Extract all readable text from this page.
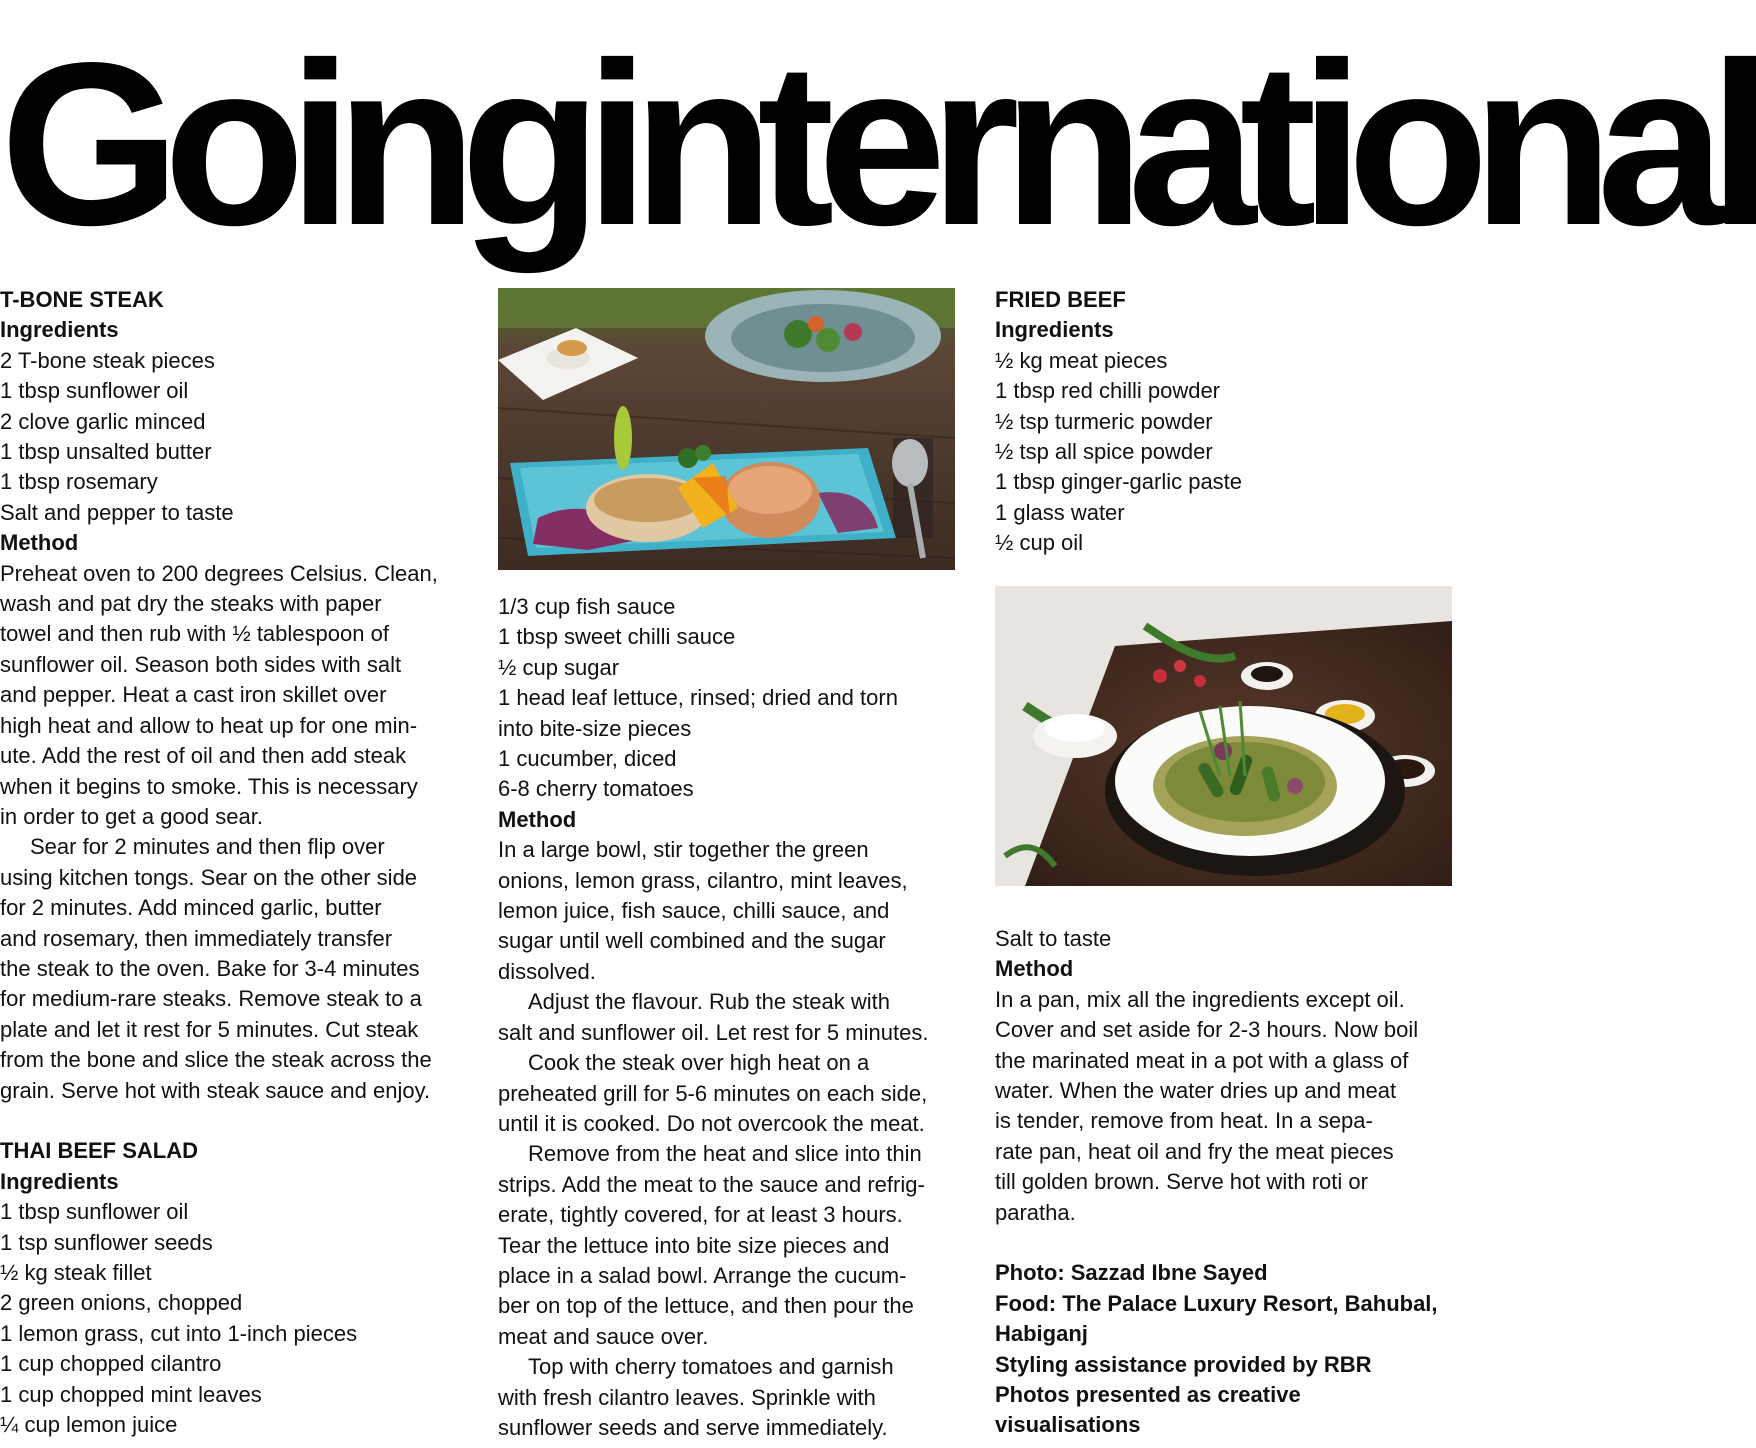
Goinginternational
T-BONE STEAK
Ingredients
2 T-bone steak pieces
1 tbsp sunflower oil
2 clove garlic minced
1 tbsp unsalted butter
1 tbsp rosemary
Salt and pepper to taste
Method
Preheat oven to 200 degrees Celsius. Clean,
wash and pat dry the steaks with paper
towel and then rub with ½ tablespoon of
sunflower oil. Season both sides with salt
and pepper. Heat a cast iron skillet over
high heat and allow to heat up for one min-
ute. Add the rest of oil and then add steak
when it begins to smoke. This is necessary
in order to get a good sear.
Sear for 2 minutes and then flip over
using kitchen tongs. Sear on the other side
for 2 minutes. Add minced garlic, butter
and rosemary, then immediately transfer
the steak to the oven. Bake for 3-4 minutes
for medium-rare steaks. Remove steak to a
plate and let it rest for 5 minutes. Cut steak
from the bone and slice the steak across the
grain. Serve hot with steak sauce and enjoy.
THAI BEEF SALAD
Ingredients
1 tbsp sunflower oil
1 tsp sunflower seeds
½ kg steak fillet
2 green onions, chopped
1 lemon grass, cut into 1-inch pieces
1 cup chopped cilantro
1 cup chopped mint leaves
¼ cup lemon juice
1/3 cup fish sauce
1 tbsp sweet chilli sauce
½ cup sugar
1 head leaf lettuce, rinsed; dried and torn
into bite-size pieces
1 cucumber, diced
6-8 cherry tomatoes
Method
In a large bowl, stir together the green
onions, lemon grass, cilantro, mint leaves,
lemon juice, fish sauce, chilli sauce, and
sugar until well combined and the sugar
dissolved.
Adjust the flavour. Rub the steak with
salt and sunflower oil. Let rest for 5 minutes.
Cook the steak over high heat on a
preheated grill for 5-6 minutes on each side,
until it is cooked. Do not overcook the meat.
Remove from the heat and slice into thin
strips. Add the meat to the sauce and refrig-
erate, tightly covered, for at least 3 hours.
Tear the lettuce into bite size pieces and
place in a salad bowl. Arrange the cucum-
ber on top of the lettuce, and then pour the
meat and sauce over.
Top with cherry tomatoes and garnish
with fresh cilantro leaves. Sprinkle with
sunflower seeds and serve immediately.
FRIED BEEF
Ingredients
½ kg meat pieces
1 tbsp red chilli powder
½ tsp turmeric powder
½ tsp all spice powder
1 tbsp ginger-garlic paste
1 glass water
½ cup oil
Salt to taste
Method
In a pan, mix all the ingredients except oil.
Cover and set aside for 2-3 hours. Now boil
the marinated meat in a pot with a glass of
water. When the water dries up and meat
is tender, remove from heat. In a sepa-
rate pan, heat oil and fry the meat pieces
till golden brown. Serve hot with roti or
paratha.
Photo: Sazzad Ibne Sayed
Food: The Palace Luxury Resort, Bahubal,
Habiganj
Styling assistance provided by RBR
Photos presented as creative
visualisations
